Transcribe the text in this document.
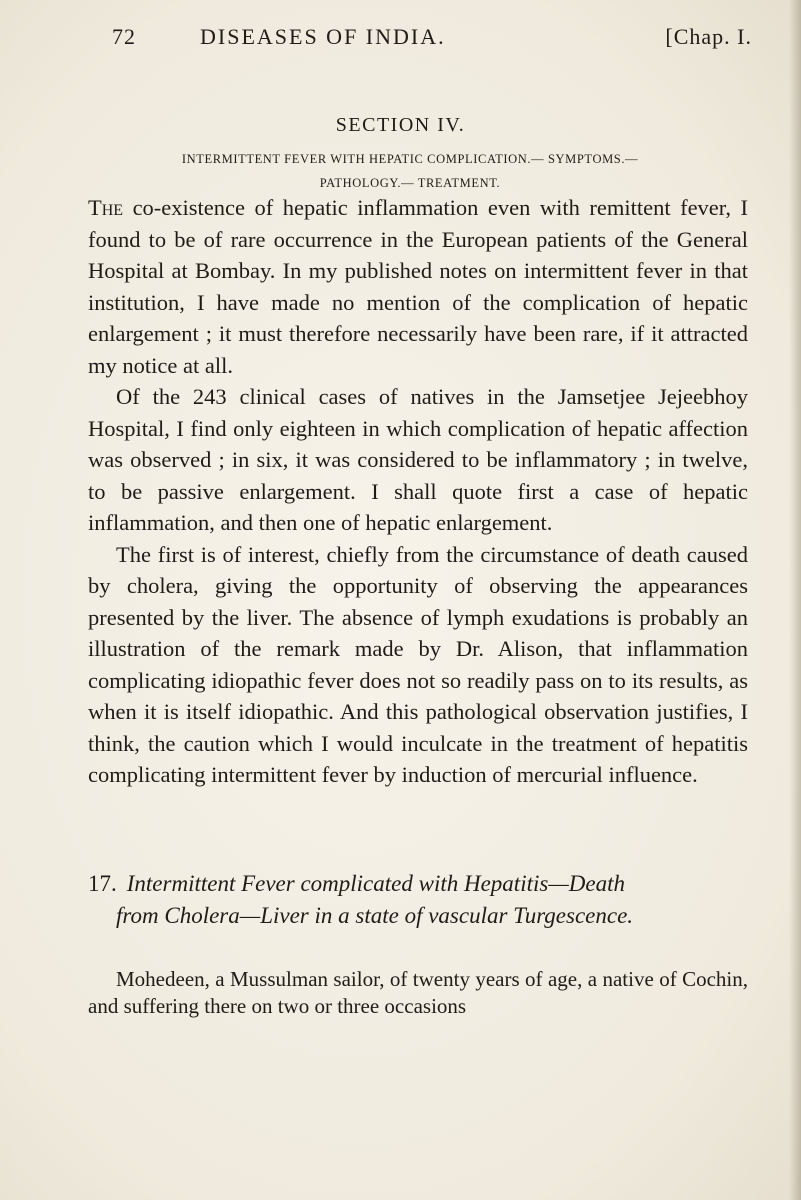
72	DISEASES OF INDIA.	[Chap. I.
SECTION IV.
INTERMITTENT FEVER WITH HEPATIC COMPLICATION.— SYMPTOMS.—
PATHOLOGY.— TREATMENT.

The co-existence of hepatic inflammation even with remittent fever, I found to be of rare occurrence in the European patients of the General Hospital at Bombay. In my published notes on intermittent fever in that institution, I have made no mention of the complication of hepatic enlargement ; it must therefore necessarily have been rare, if it attracted my notice at all.

Of the 243 clinical cases of natives in the Jamsetjee Jejeebhoy Hospital, I find only eighteen in which complication of hepatic affection was observed ; in six, it was considered to be inflammatory ; in twelve, to be passive enlargement. I shall quote first a case of hepatic inflammation, and then one of hepatic enlargement.

The first is of interest, chiefly from the circumstance of death caused by cholera, giving the opportunity of observing the appearances presented by the liver. The absence of lymph exudations is probably an illustration of the remark made by Dr. Alison, that inflammation complicating idiopathic fever does not so readily pass on to its results, as when it is itself idiopathic. And this pathological observation justifies, I think, the caution which I would inculcate in the treatment of hepatitis complicating intermittent fever by induction of mercurial influence.

17. Intermittent Fever complicated with Hepatitis—Death
from Cholera—Liver in a state of vascular Turgescence.

Mohedeen, a Mussulman sailor, of twenty years of age, a native of Cochin, and suffering there on two or three occasions
